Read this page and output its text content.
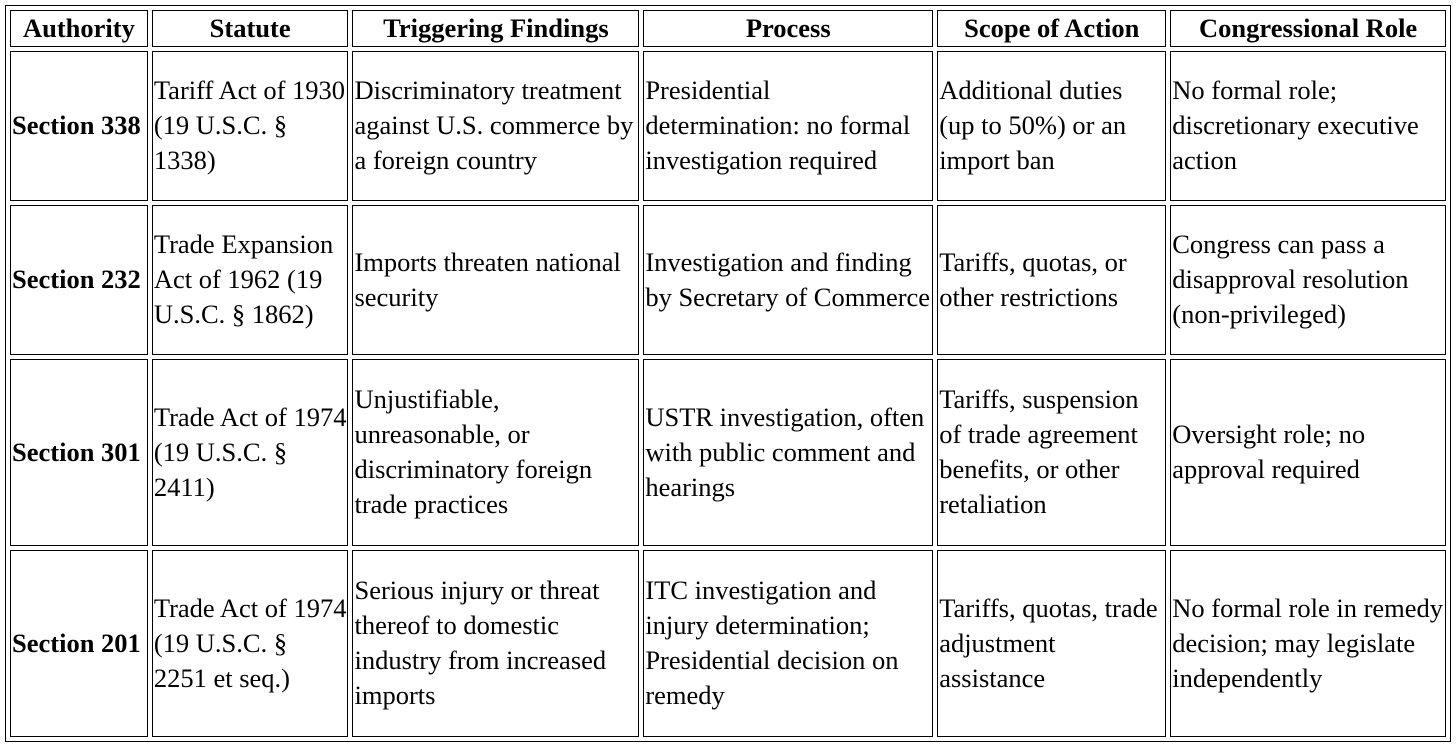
Authority	Statute	Triggering Findings	Process	Scope of Action	Congressional Role
Section 338	Tariff Act of 1930 (19 U.S.C. § 1338)	Discriminatory treatment against U.S. commerce by a foreign country	Presidential determination: no formal investigation required	Additional duties (up to 50%) or an import ban	No formal role; discretionary executive action
Section 232	Trade Expansion Act of 1962 (19 U.S.C. § 1862)	Imports threaten national security	Investigation and finding by Secretary of Commerce	Tariffs, quotas, or other restrictions	Congress can pass a disapproval resolution (non-privileged)
Section 301	Trade Act of 1974 (19 U.S.C. § 2411)	Unjustifiable, unreasonable, or discriminatory foreign trade practices	USTR investigation, often with public comment and hearings	Tariffs, suspension of trade agreement benefits, or other retaliation	Oversight role; no approval required
Section 201	Trade Act of 1974 (19 U.S.C. § 2251 et seq.)	Serious injury or threat thereof to domestic industry from increased imports	ITC investigation and injury determination; Presidential decision on remedy	Tariffs, quotas, trade adjustment assistance	No formal role in remedy decision; may legislate independently
